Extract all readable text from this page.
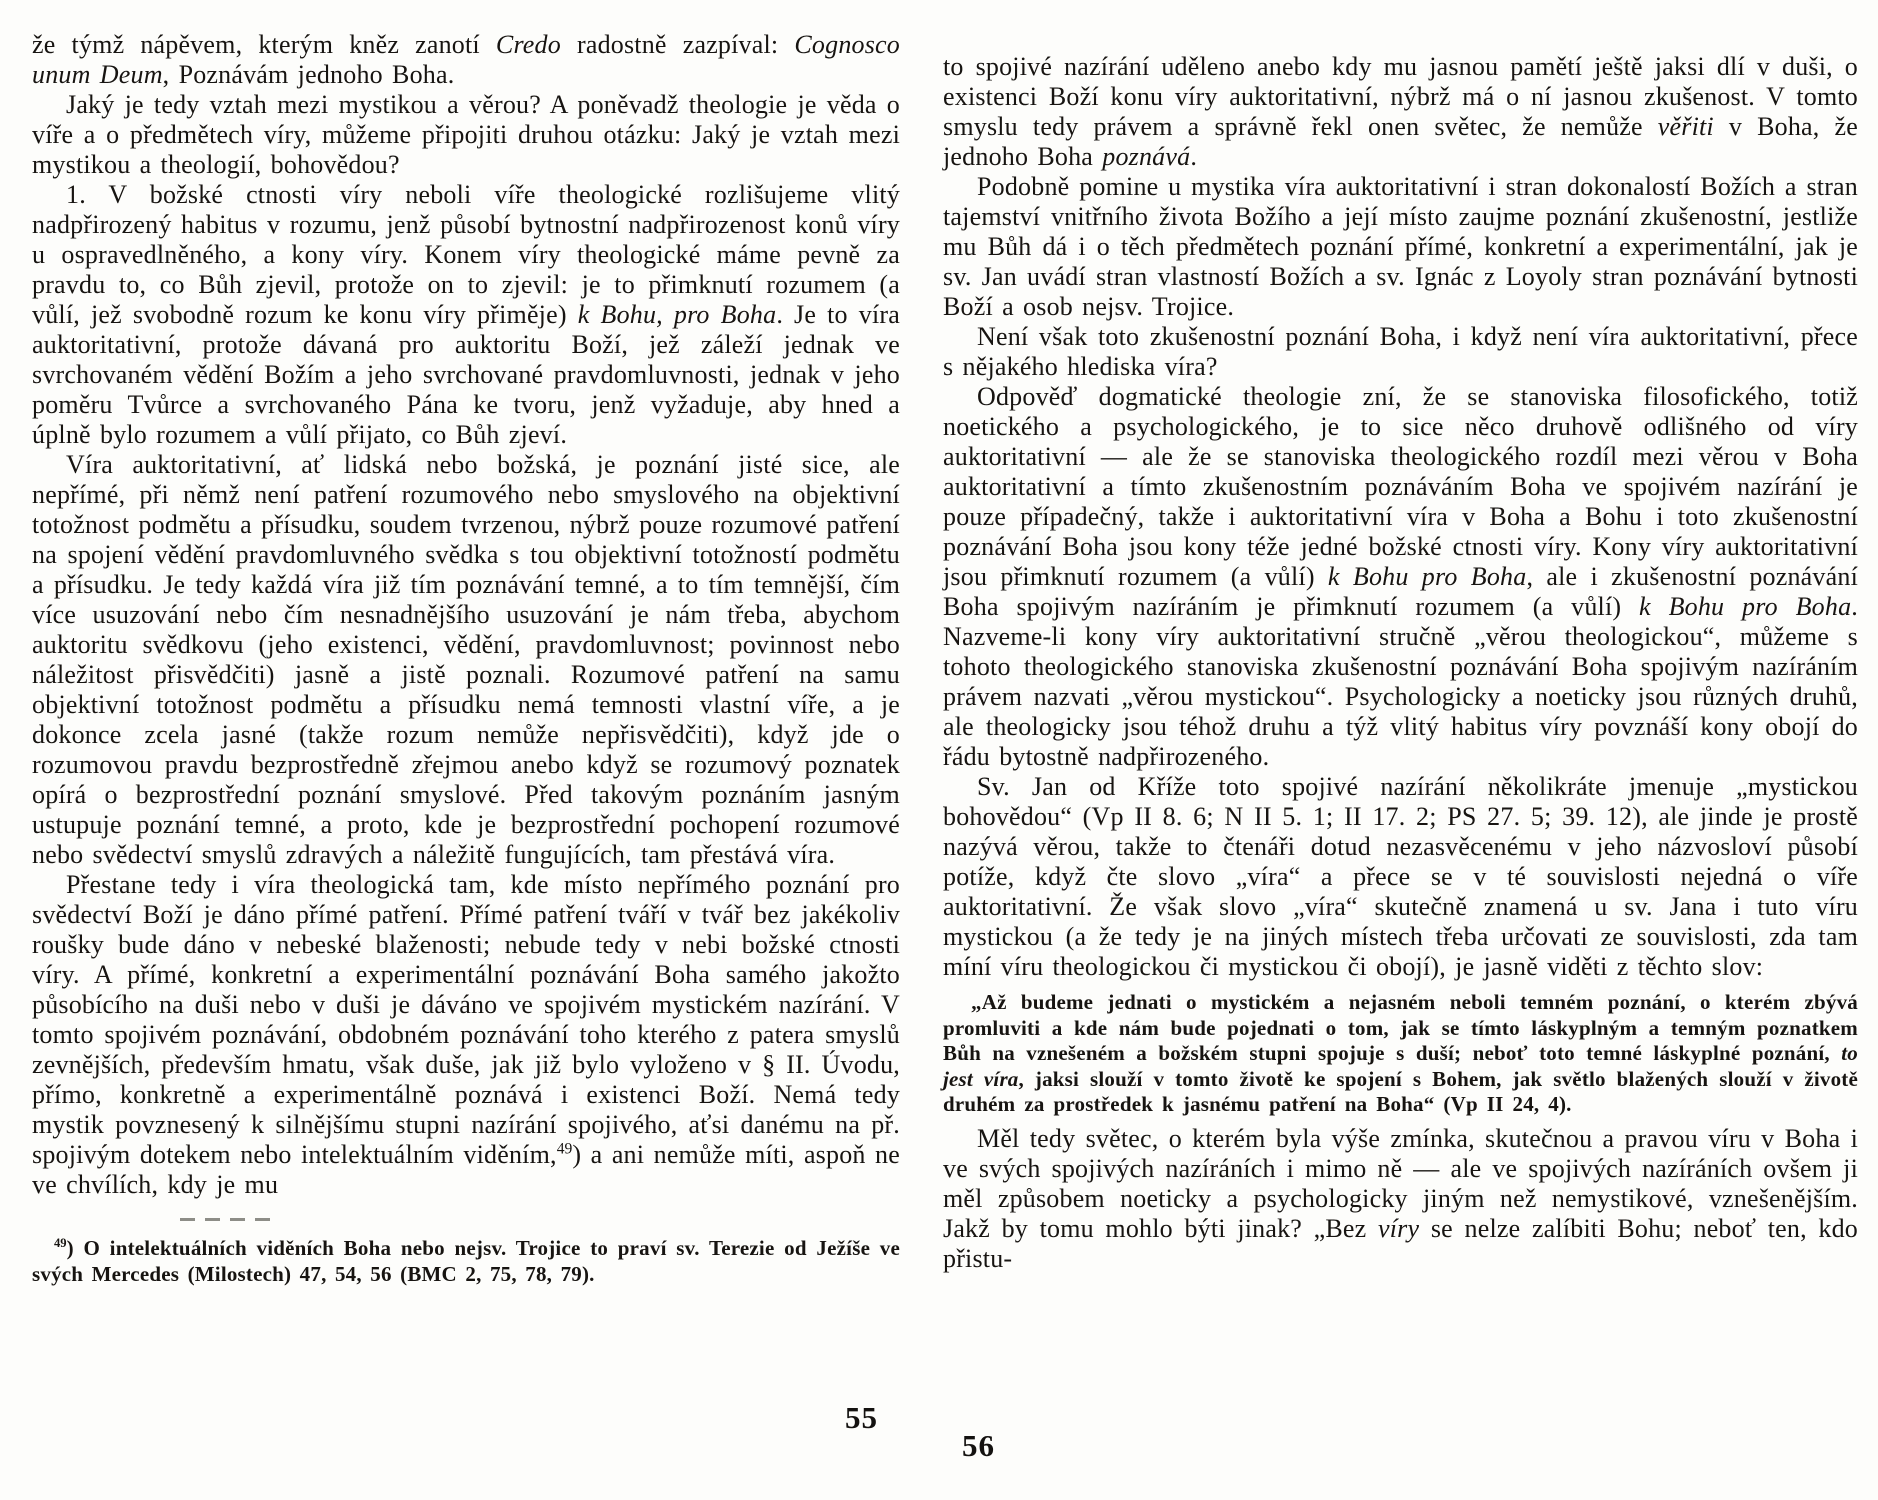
že týmž nápěvem, kterým kněz zanotí Credo radostně zazpíval: Cognosco unum Deum, Poznávám jednoho Boha.

Jaký je tedy vztah mezi mystikou a věrou? A poněvadž theologie je věda o víře a o předmětech víry, můžeme připojiti druhou otázku: Jaký je vztah mezi mystikou a theologií, bohovědou?

1. V božské ctnosti víry neboli víře theologické rozlišujeme vlitý nadpřirozený habitus v rozumu, jenž působí bytnostní nadpřirozenost konů víry u ospravedlněného, a kony víry. Konem víry theologické máme pevně za pravdu to, co Bůh zjevil, protože on to zjevil: je to přimknutí rozumem (a vůlí, jež svobodně rozum ke konu víry přiměje) k Bohu, pro Boha. Je to víra auktoritativní, protože dávaná pro auktoritu Boží, jež záleží jednak ve svrchovaném vědění Božím a jeho svrchované pravdomluvnosti, jednak v jeho poměru Tvůrce a svrchovaného Pána ke tvoru, jenž vyžaduje, aby hned a úplně bylo rozumem a vůlí přijato, co Bůh zjeví.

Víra auktoritativní, ať lidská nebo božská, je poznání jisté sice, ale nepřímé, při němž není patření rozumového nebo smyslového na objektivní totožnost podmětu a přísudku, soudem tvrzenou, nýbrž pouze rozumové patření na spojení vědění pravdomluvného svědka s tou objektivní totožností podmětu a přísudku. Je tedy každá víra již tím poznávání temné, a to tím temnější, čím více usuzování nebo čím nesnadnějšího usuzování je nám třeba, abychom auktoritu svědkovu (jeho existenci, vědění, pravdomluvnost; povinnost nebo náležitost přisvědčiti) jasně a jistě poznali. Rozumové patření na samu objektivní totožnost podmětu a přísudku nemá temnosti vlastní víře, a je dokonce zcela jasné (takže rozum nemůže nepřisvědčiti), když jde o rozumovou pravdu bezprostředně zřejmou anebo když se rozumový poznatek opírá o bezprostřední poznání smyslové. Před takovým poznáním jasným ustupuje poznání temné, a proto, kde je bezprostřední pochopení rozumové nebo svědectví smyslů zdravých a náležitě fungujících, tam přestává víra.

Přestane tedy i víra theologická tam, kde místo nepřímého poznání pro svědectví Boží je dáno přímé patření. Přímé patření tváří v tvář bez jakékoliv roušky bude dáno v nebeské blaženosti; nebude tedy v nebi božské ctnosti víry. A přímé, konkretní a experimentální poznávání Boha samého jakožto působícího na duši nebo v duši je dáváno ve spojivém mystickém nazírání. V tomto spojivém poznávání, obdobném poznávání toho kterého z patera smyslů zevnějších, především hmatu, však duše, jak již bylo vyloženo v § II. Úvodu, přímo, konkretně a experimentálně poznává i existenci Boží. Nemá tedy mystik povznesený k silnějšímu stupni nazírání spojivého, aťsi danému na př. spojivým dotekem nebo intelektuálním viděním,$^{49}$) a ani nemůže míti, aspoň ne ve chvílích, kdy je mu

$^{49}$) O intelektuálních viděních Boha nebo nejsv. Trojice to praví sv. Terezie od Ježíše ve svých Mercedes (Milostech) 47, 54, 56 (BMC 2, 75, 78, 79).

to spojivé nazírání uděleno anebo kdy mu jasnou pamětí ještě jaksi dlí v duši, o existenci Boží konu víry auktoritativní, nýbrž má o ní jasnou zkušenost. V tomto smyslu tedy právem a správně řekl onen světec, že nemůže věřiti v Boha, že jednoho Boha poznává.

Podobně pomine u mystika víra auktoritativní i stran dokonalostí Božích a stran tajemství vnitřního života Božího a její místo zaujme poznání zkušenostní, jestliže mu Bůh dá i o těch předmětech poznání přímé, konkretní a experimentální, jak je sv. Jan uvádí stran vlastností Božích a sv. Ignác z Loyoly stran poznávání bytnosti Boží a osob nejsv. Trojice.

Není však toto zkušenostní poznání Boha, i když není víra auktoritativní, přece s nějakého hlediska víra?

Odpověď dogmatické theologie zní, že se stanoviska filosofického, totiž noetického a psychologického, je to sice něco druhově odlišného od víry auktoritativní — ale že se stanoviska theologického rozdíl mezi věrou v Boha auktoritativní a tímto zkušenostním poznáváním Boha ve spojivém nazírání je pouze případečný, takže i auktoritativní víra v Boha a Bohu i toto zkušenostní poznávání Boha jsou kony téže jedné božské ctnosti víry. Kony víry auktoritativní jsou přimknutí rozumem (a vůlí) k Bohu pro Boha, ale i zkušenostní poznávání Boha spojivým nazíráním je přimknutí rozumem (a vůlí) k Bohu pro Boha. Nazveme-li kony víry auktoritativní stručně „věrou theologickou“, můžeme s tohoto theologického stanoviska zkušenostní poznávání Boha spojivým nazíráním právem nazvati „věrou mystickou“. Psychologicky a noeticky jsou různých druhů, ale theologicky jsou téhož druhu a týž vlitý habitus víry povznáší kony obojí do řádu bytostně nadpřirozeného.

Sv. Jan od Kříže toto spojivé nazírání několikráte jmenuje „mystickou bohovědou“ (Vp II 8. 6; N II 5. 1; II 17. 2; PS 27. 5; 39. 12), ale jinde je prostě nazývá věrou, takže to čtenáři dotud nezasvěcenému v jeho názvosloví působí potíže, když čte slovo „víra“ a přece se v té souvislosti nejedná o víře auktoritativní. Že však slovo „víra“ skutečně znamená u sv. Jana i tuto víru mystickou (a že tedy je na jiných místech třeba určovati ze souvislosti, zda tam míní víru theologickou či mystickou či obojí), je jasně viděti z těchto slov:

„Až budeme jednati o mystickém a nejasném neboli temném poznání, o kterém zbývá promluviti a kde nám bude pojednati o tom, jak se tímto láskyplným a temným poznatkem Bůh na vznešeném a božském stupni spojuje s duší; neboť toto temné láskyplné poznání, to jest víra, jaksi slouží v tomto životě ke spojení s Bohem, jak světlo blažených slouží v životě druhém za prostředek k jasnému patření na Boha“ (Vp II 24, 4).

Měl tedy světec, o kterém byla výše zmínka, skutečnou a pravou víru v Boha i ve svých spojivých nazíráních i mimo ně — ale ve spojivých nazíráních ovšem ji měl způsobem noeticky a psychologicky jiným než nemystikové, vznešenějším. Jakž by tomu mohlo býti jinak? „Bez víry se nelze zalíbiti Bohu; neboť ten, kdo přistu-

55
56
